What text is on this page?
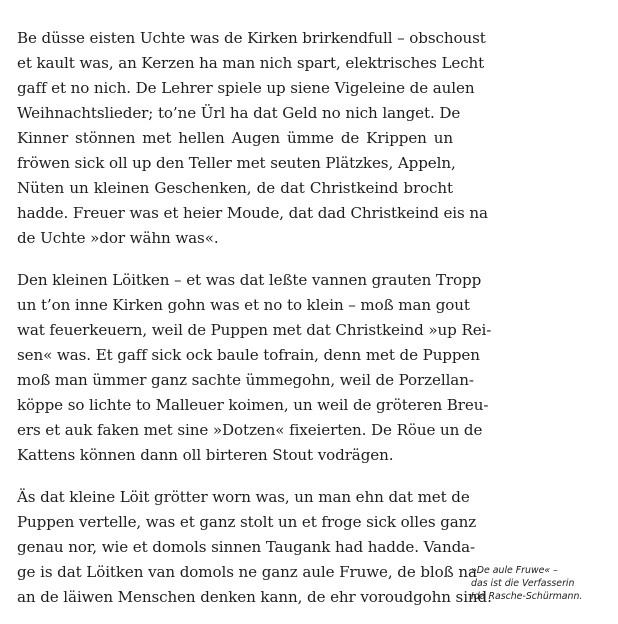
Be düsse eisten Uchte was de Kirken brirkendfull – obschoust
et kault was, an Kerzen ha man nich spart, elektrisches Lecht
gaff et no nich. De Lehrer spiele up siene Vigeleine de aulen
Weihnachtslieder; to’ne Ürl ha dat Geld no nich langet. De
Kinner stönnen met hellen Augen ümme de Krippen un
fröwen sick oll up den Teller met seuten Plätzkes, Appeln,
Nüten un kleinen Geschenken, de dat Christkeind brocht
hadde. Freuer was et heier Moude, dat dad Christkeind eis na
de Uchte »dor wähn was«.
Den kleinen Löitken – et was dat leßte vannen grauten Tropp
un t’on inne Kirken gohn was et no to klein – moß man gout
wat feuerkeuern, weil de Puppen met dat Christkeind »up Rei-
sen« was. Et gaff sick ock baule tofrain, denn met de Puppen
moß man ümmer ganz sachte ümmegohn, weil de Porzellan-
köppe so lichte to Malleuer koimen, un weil de gröteren Breu-
ers et auk faken met sine »Dotzen« fixeierten. De Röue un de
Kattens können dann oll birteren Stout vodrägen.
Äs dat kleine Löit grötter worn was, un man ehn dat met de
Puppen vertelle, was et ganz stolt un et froge sick olles ganz
genau nor, wie et domols sinnen Taugank had hadde. Vanda-
ge is dat Löitken van domols ne ganz aule Fruwe, de bloß na
an de läiwen Menschen denken kann, de ehr voroudgohn sind.
»De aule Fruwe« –
das ist die Verfasserin
Ida Rasche-Schürmann.
